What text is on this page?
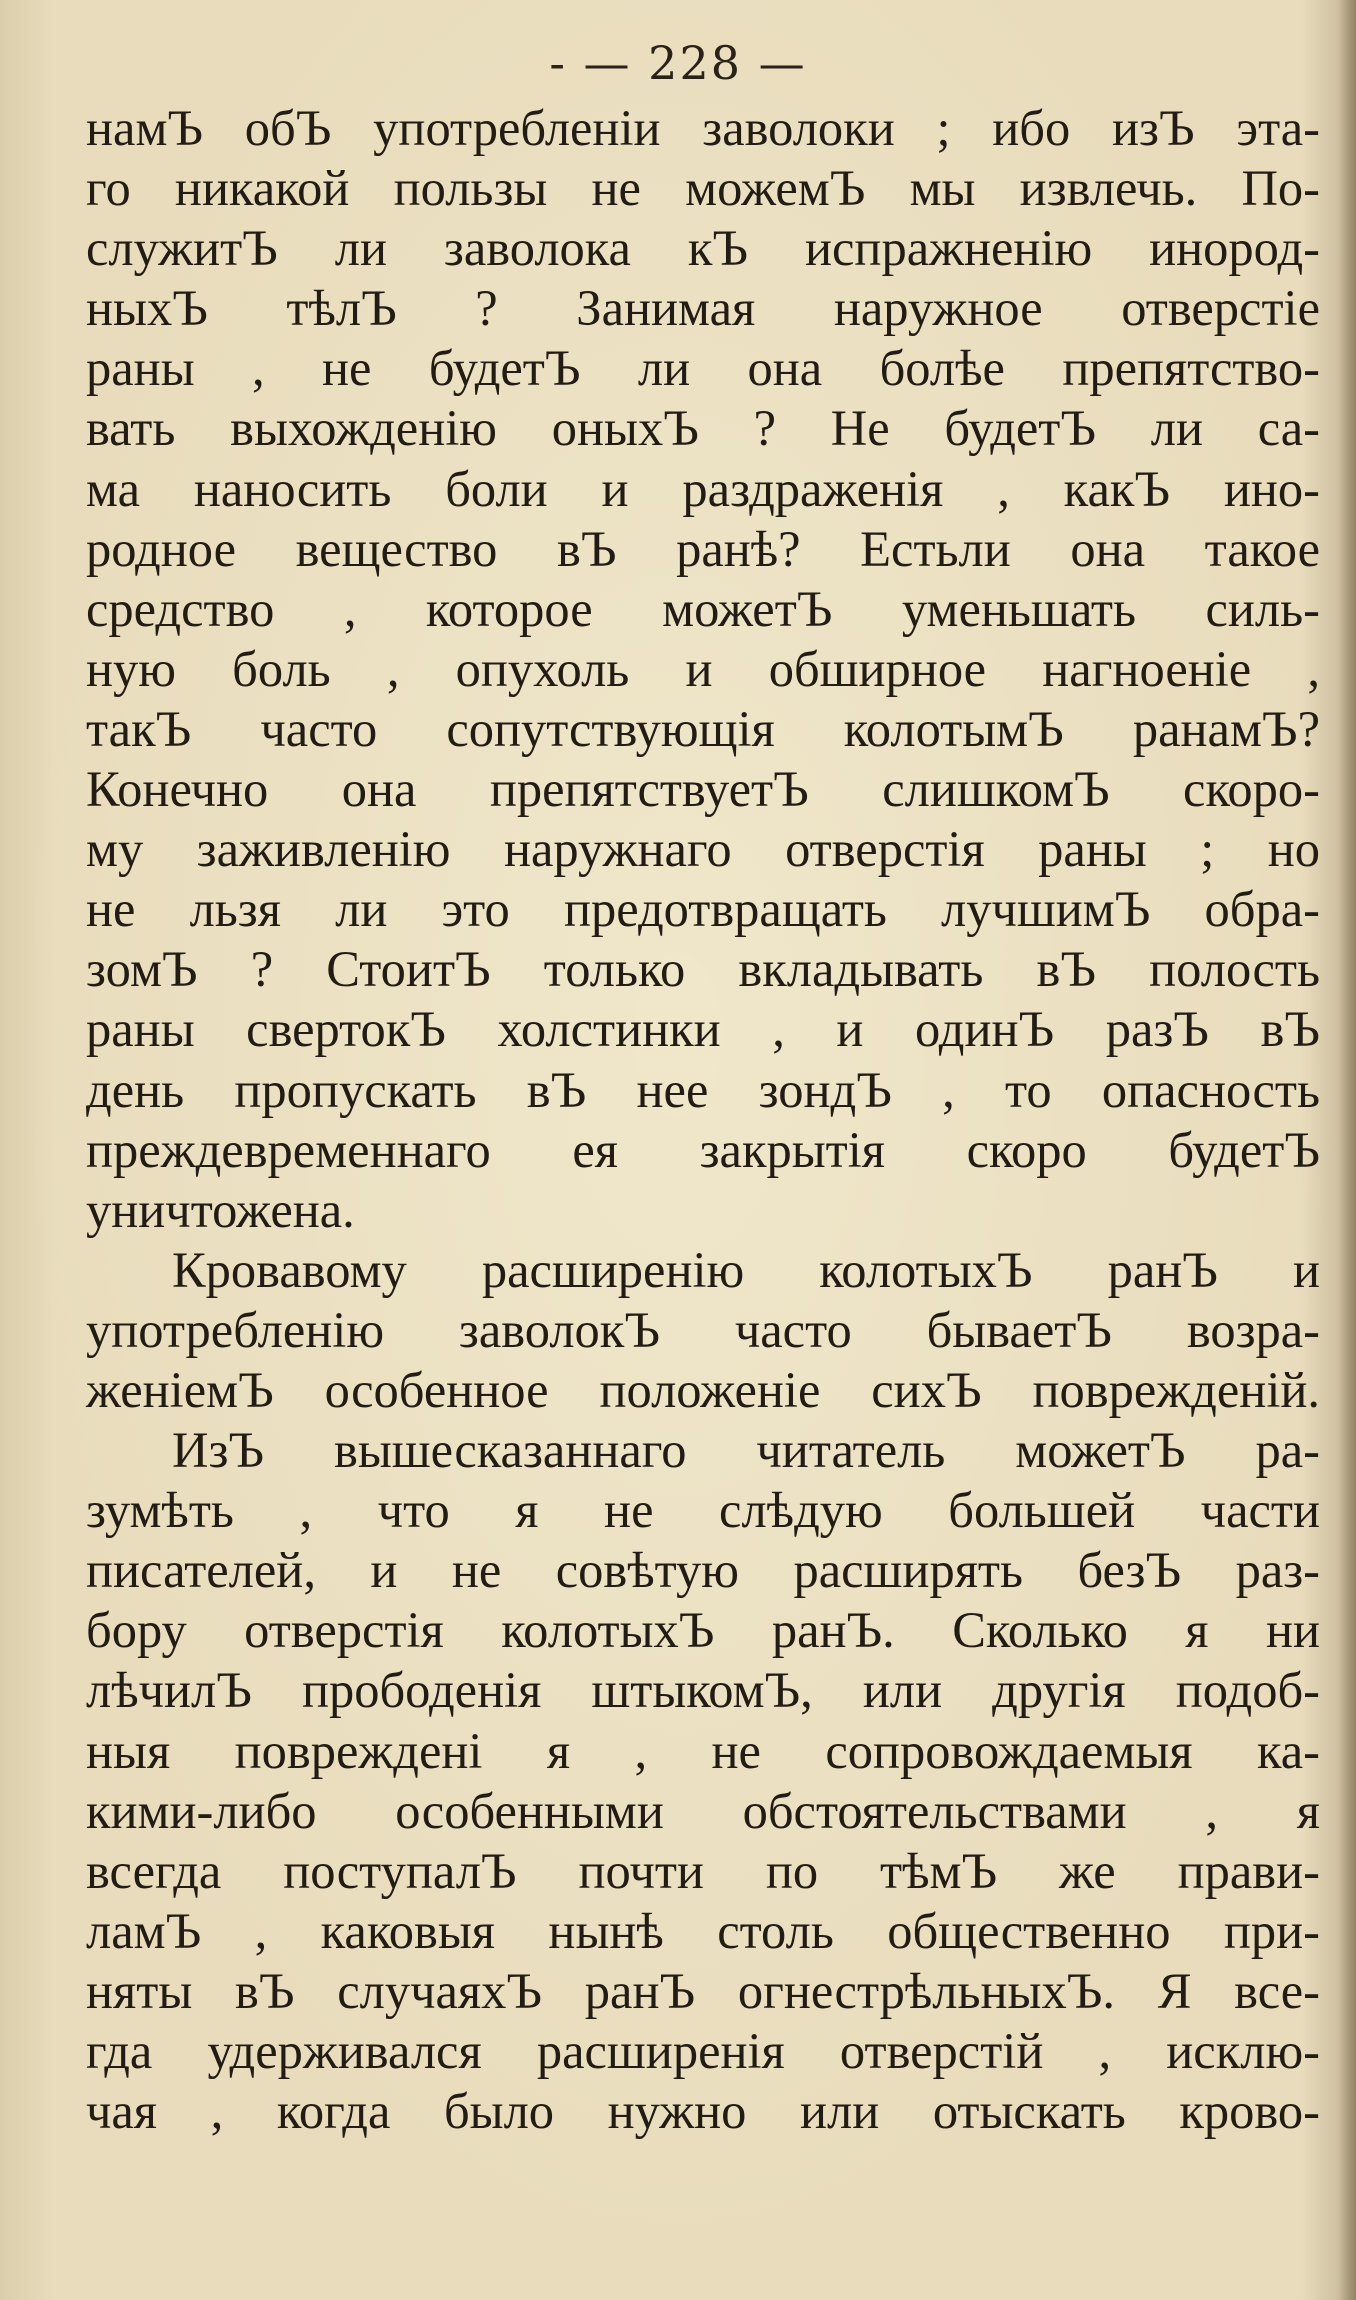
- — 228 —
намЪ обЪ употребленіи заволоки ; ибо изЪ эта-
го никакой пользы не можемЪ мы извлечь. По-
служитЪ ли заволока кЪ испражненію инород-
ныхЪ тѣлЪ ? Занимая наружное отверстіе
раны , не будетЪ ли она болѣе препятство-
вать выхожденію оныхЪ ? Не будетЪ ли са-
ма наносить боли и раздраженія , какЪ ино-
родное вещество вЪ ранѣ? Естьли она такое
средство , которое можетЪ уменьшать силь-
ную боль , опухоль и обширное нагноеніе ,
такЪ часто сопутствующія колотымЪ ранамЪ?
Конечно она препятствуетЪ слишкомЪ скоро-
му заживленію наружнаго отверстія раны ; но
не льзя ли это предотвращать лучшимЪ обра-
зомЪ ? СтоитЪ только вкладывать вЪ полость
раны свертокЪ холстинки , и одинЪ разЪ вЪ
день пропускать вЪ нее зондЪ , то опасность
преждевременнаго ея закрытія скоро будетЪ
уничтожена.
Кровавому расширенію колотыхЪ ранЪ и
употребленію заволокЪ часто бываетЪ возра-
женіемЪ особенное положеніе сихЪ поврежденій.
ИзЪ вышесказаннаго читатель можетЪ ра-
зумѣть , что я не слѣдую большей части
писателей, и не совѣтую расширять безЪ раз-
бору отверстія колотыхЪ ранЪ. Сколько я ни
лѣчилЪ прободенія штыкомЪ, или другія подоб-
ныя повреждені я , не сопровождаемыя ка-
кими-либо особенными обстоятельствами , я
всегда поступалЪ почти по тѣмЪ же прави-
ламЪ , каковыя нынѣ столь общественно при-
няты вЪ случаяхЪ ранЪ огнестрѣльныхЪ. Я все-
гда удерживался расширенія отверстій , исклю-
чая , когда было нужно или отыскать крово-
